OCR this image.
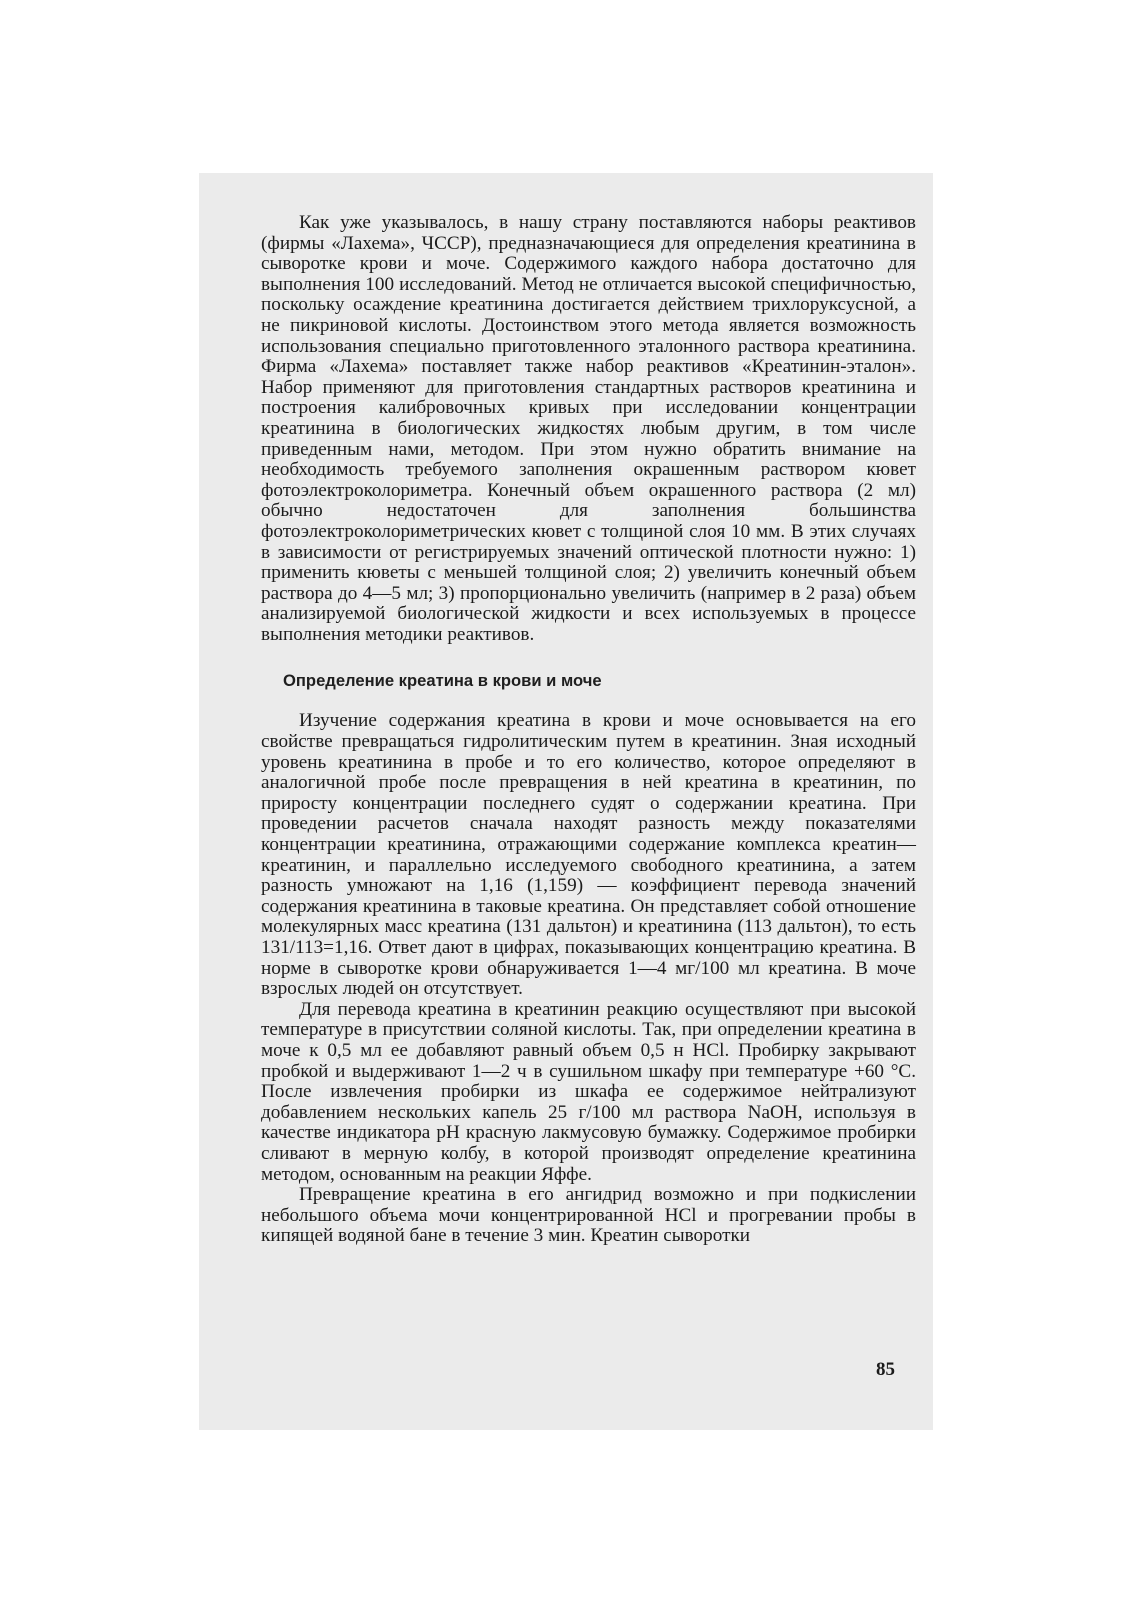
Как уже указывалось, в нашу страну поставляются наборы реактивов (фирмы «Лахема», ЧССР), предназначающиеся для определения креатинина в сыворотке крови и моче. Содержимого каждого набора достаточно для выполнения 100 исследований. Метод не отличается высокой специфичностью, поскольку осаждение креатинина достигается действием трихлоруксусной, а не пикриновой кислоты. Достоинством этого метода является возможность использования специально приготовленного эталонного раствора креатинина. Фирма «Лахема» поставляет также набор реактивов «Креатинин-эталон». Набор применяют для приготовления стандартных растворов креатинина и построения калибровочных кривых при исследовании концентрации креатинина в биологических жидкостях любым другим, в том числе приведенным нами, методом. При этом нужно обратить внимание на необходимость требуемого заполнения окрашенным раствором кювет фотоэлектроколориметра. Конечный объем окрашенного раствора (2 мл) обычно недостаточен для заполнения большинства фотоэлектроколориметрических кювет с толщиной слоя 10 мм. В этих случаях в зависимости от регистрируемых значений оптической плотности нужно: 1) применить кюветы с меньшей толщиной слоя; 2) увеличить конечный объем раствора до 4—5 мл; 3) пропорционально увеличить (например в 2 раза) объем анализируемой биологической жидкости и всех используемых в процессе выполнения методики реактивов.

Определение креатина в крови и моче

Изучение содержания креатина в крови и моче основывается на его свойстве превращаться гидролитическим путем в креатинин. Зная исходный уровень креатинина в пробе и то его количество, которое определяют в аналогичной пробе после превращения в ней креатина в креатинин, по приросту концентрации последнего судят о содержании креатина. При проведении расчетов сначала находят разность между показателями концентрации креатинина, отражающими содержание комплекса креатин—креатинин, и параллельно исследуемого свободного креатинина, а затем разность умножают на 1,16 (1,159) — коэффициент перевода значений содержания креатинина в таковые креатина. Он представляет собой отношение молекулярных масс креатина (131 дальтон) и креатинина (113 дальтон), то есть 131/113=1,16. Ответ дают в цифрах, показывающих концентрацию креатина. В норме в сыворотке крови обнаруживается 1—4 мг/100 мл креатина. В моче взрослых людей он отсутствует.

Для перевода креатина в креатинин реакцию осуществляют при высокой температуре в присутствии соляной кислоты. Так, при определении креатина в моче к 0,5 мл ее добавляют равный объем 0,5 н HCl. Пробирку закрывают пробкой и выдерживают 1—2 ч в сушильном шкафу при температуре +60 °С. После извлечения пробирки из шкафа ее содержимое нейтрализуют добавлением нескольких капель 25 г/100 мл раствора NaOH, используя в качестве индикатора pH красную лакмусовую бумажку. Содержимое пробирки сливают в мерную колбу, в которой производят определение креатинина методом, основанным на реакции Яффе.

Превращение креатина в его ангидрид возможно и при подкислении небольшого объема мочи концентрированной HCl и прогревании пробы в кипящей водяной бане в течение 3 мин. Креатин сыворотки

85
